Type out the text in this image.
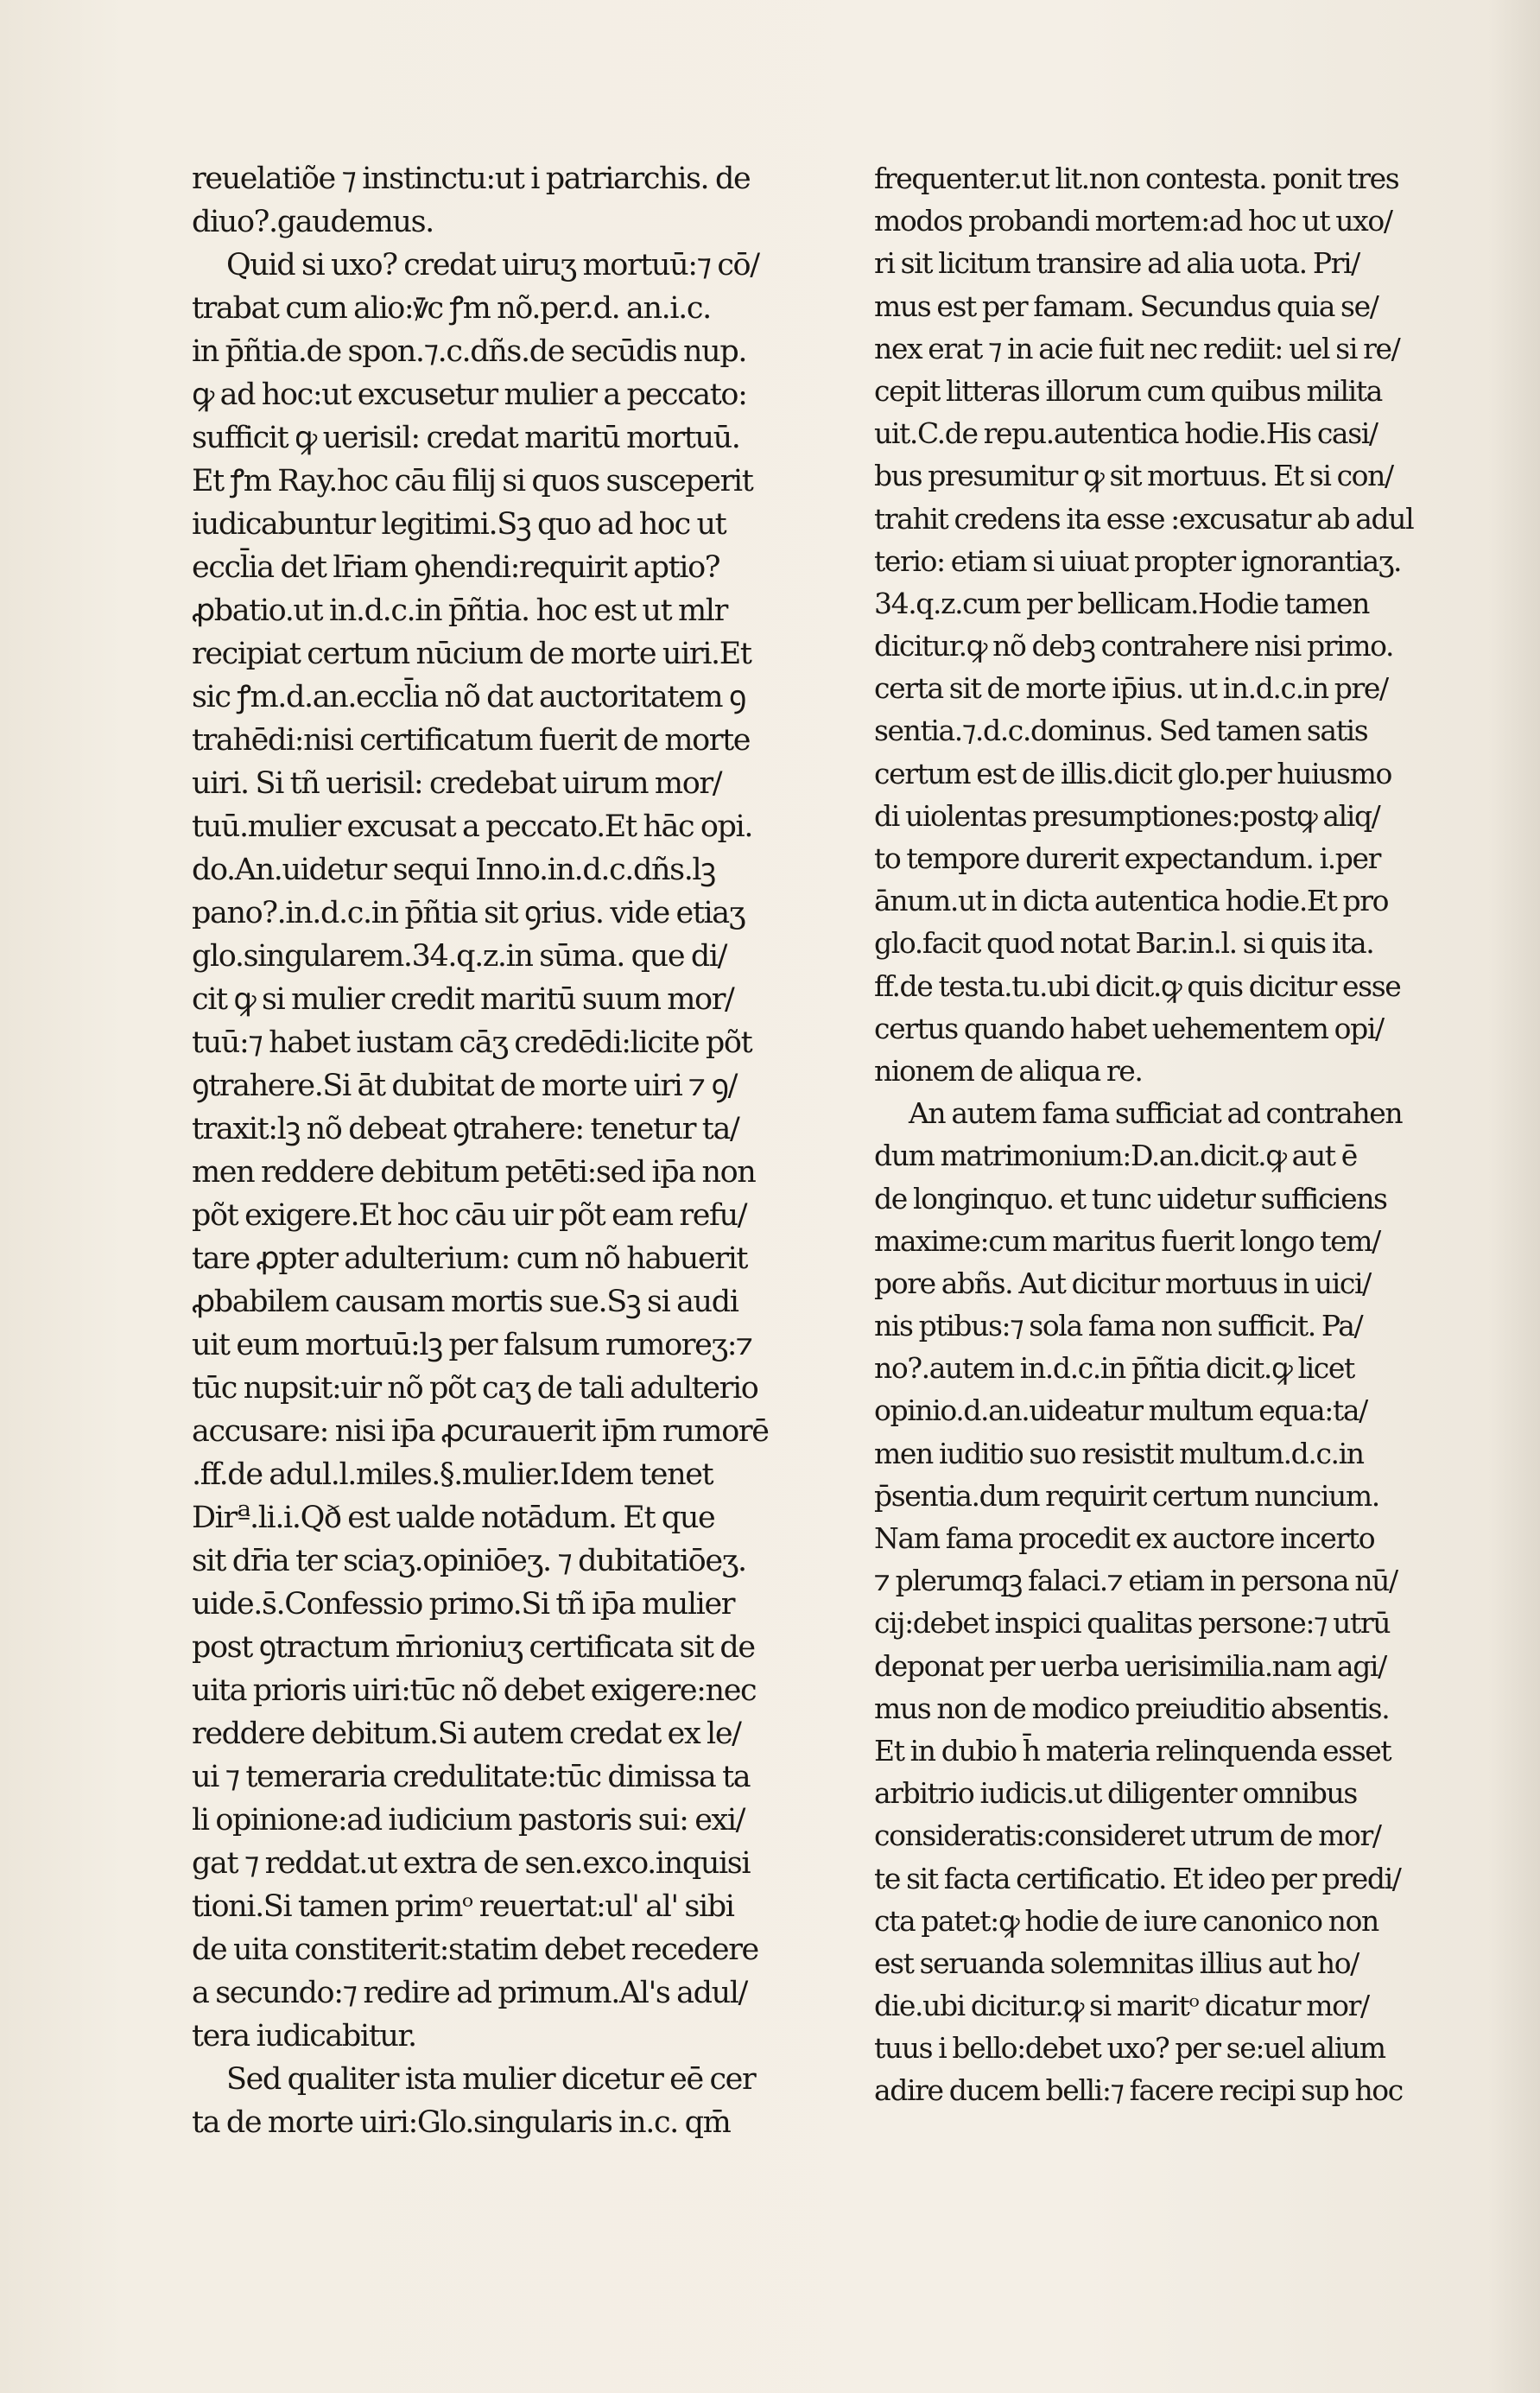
reuelatiõe ⁊ instinctu:ut i patriarchis. de
diuo?.gaudemus.
Quid si uxo? credat uiruʒ mortuū:⁊ cō/
trabat cum alio:ꝟ̄c ꝭm nõ.per.d. an.i.c.
in p̄ñtia.de spon.⁊.c.dñs.de secūdis nup.
ꝙ ad hoc:ut excusetur mulier a peccato:
sufficit ꝙ uerisil: credat maritū mortuū.
Et ꝭm Ray.hoc cāu filij si quos susceperit
iudicabuntur legitimi.Sꝫ quo ad hoc ut
eccl̄ia det lr̄iam ꝯhendi:requirit aptio?
ꝓbatio.ut in.d.c.in p̄ñtia. hoc est ut mlr
recipiat certum nūcium de morte uiri.Et
sic ꝭm.d.an.eccl̄ia nõ dat auctoritatem ꝯ
trahēdi:nisi certificatum fuerit de morte
uiri. Si tñ uerisil: credebat uirum mor/
tuū.mulier excusat a peccato.Et hāc opi.
do.An.uidetur sequi Inno.in.d.c.dñs.lꝫ
pano?.in.d.c.in p̄ñtia sit ꝯrius. vide etiaʒ
glo.singularem.34.q.z.in sūma. que di/
cit ꝙ si mulier credit maritū suum mor/
tuū:⁊ habet iustam cāʒ credēdi:licite põt
ꝯtrahere.Si āt dubitat de morte uiri ⁊ ꝯ/
traxit:lꝫ nõ debeat ꝯtrahere: tenetur ta/
men reddere debitum petēti:sed ip̄a non
põt exigere.Et hoc cāu uir põt eam refu/
tare ꝓpter adulterium: cum nõ habuerit
ꝓbabilem causam mortis sue.Sꝫ si audi
uit eum mortuū:lꝫ per falsum rumoreʒ:⁊
tūc nupsit:uir nõ põt caʒ de tali adulterio
accusare: nisi ip̄a ꝓcurauerit ip̄m rumorē
.ff.de adul.l.miles.§.mulier.Idem tenet
Dirª.li.i.Qð est ualde notādum. Et que
sit dr̄ia ter sciaʒ.opiniōeʒ. ⁊ dubitatiōeʒ.
uide.s̄.Confessio primo.Si tñ ip̄a mulier
post ꝯtractum m̄rioniuʒ certificata sit de
uita prioris uiri:tūc nõ debet exigere:nec
reddere debitum.Si autem credat ex le/
ui ⁊ temeraria credulitate:tūc dimissa ta
li opinione:ad iudicium pastoris sui: exi/
gat ⁊ reddat.ut extra de sen.exco.inquisi
tioni.Si tamen primᵒ reuertat:ul' al' sibi
de uita constiterit:statim debet recedere
a secundo:⁊ redire ad primum.Al's adul/
tera iudicabitur.
Sed qualiter ista mulier dicetur eē cer
ta de morte uiri:Glo.singularis in.c. qm̄
frequenter.ut lit.non contesta. ponit tres
modos probandi mortem:ad hoc ut uxo/
ri sit licitum transire ad alia uota. Pri/
mus est per famam. Secundus quia se/
nex erat ⁊ in acie fuit nec rediit: uel si re/
cepit litteras illorum cum quibus milita
uit.C.de repu.autentica hodie.His casi/
bus presumitur ꝙ sit mortuus. Et si con/
trahit credens ita esse :excusatur ab adul
terio: etiam si uiuat propter ignorantiaʒ.
34.q.z.cum per bellicam.Hodie tamen
dicitur.ꝙ nõ debꝫ contrahere nisi primo.
certa sit de morte ip̄ius. ut in.d.c.in pre/
sentia.⁊.d.c.dominus. Sed tamen satis
certum est de illis.dicit glo.per huiusmo
di uiolentas presumptiones:postꝙ aliq/
to tempore durerit expectandum. i.per
ānum.ut in dicta autentica hodie.Et pro
glo.facit quod notat Bar.in.l. si quis ita.
ff.de testa.tu.ubi dicit.ꝙ quis dicitur esse
certus quando habet uehementem opi/
nionem de aliqua re.
An autem fama sufficiat ad contrahen
dum matrimonium:D.an.dicit.ꝙ aut ē
de longinquo. et tunc uidetur sufficiens
maxime:cum maritus fuerit longo tem/
pore abñs. Aut dicitur mortuus in uici/
nis ptibus:⁊ sola fama non sufficit. Pa/
no?.autem in.d.c.in p̄ñtia dicit.ꝙ licet
opinio.d.an.uideatur multum equa:ta/
men iuditio suo resistit multum.d.c.in
p̄sentia.dum requirit certum nuncium.
Nam fama procedit ex auctore incerto
⁊ plerumqꝫ falaci.⁊ etiam in persona nū/
cij:debet inspici qualitas persone:⁊ utrū
deponat per uerba uerisimilia.nam agi/
mus non de modico preiuditio absentis.
Et in dubio h̄ materia relinquenda esset
arbitrio iudicis.ut diligenter omnibus
consideratis:consideret utrum de mor/
te sit facta certificatio. Et ideo per predi/
cta patet:ꝙ hodie de iure canonico non
est seruanda solemnitas illius aut ho/
die.ubi dicitur.ꝙ si maritᵒ dicatur mor/
tuus i bello:debet uxo? per se:uel alium
adire ducem belli:⁊ facere recipi sup hoc
